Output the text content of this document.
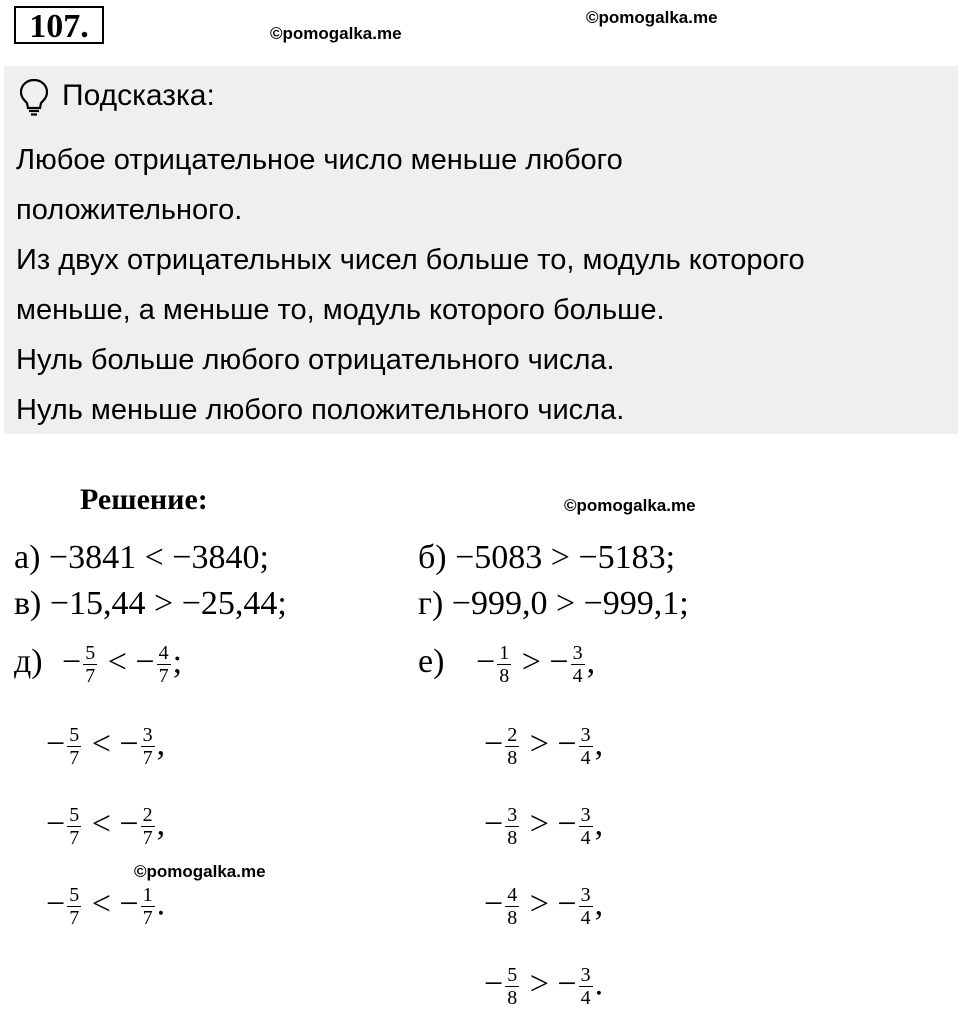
107.	©pomogalka.me
©pomogalka.me
Подсказка:
Любое отрицательное число меньше любого
положительного.
Из двух отрицательных чисел больше то, модуль которого
меньше, а меньше то, модуль которого больше.
Нуль больше любого отрицательного числа.
Нуль меньше любого положительного числа.
Решение:	©pomogalka.me
а) −3841 < −3840;	б) −5083 > −5183;
в) −15,44 > −25,44;	г) −999,0 > −999,1;
д)	е)
− $\frac{5}{7}$ < − $\frac{4}{7}$ ;
− $\frac{5}{7}$ < − $\frac{3}{7}$ ,
− $\frac{5}{7}$ < − $\frac{2}{7}$ ,
− $\frac{5}{7}$ < − $\frac{1}{7}$ .
− $\frac{1}{8}$ > − $\frac{3}{4}$ ,
− $\frac{2}{8}$ > − $\frac{3}{4}$ ,
− $\frac{3}{8}$ > − $\frac{3}{4}$ ,
− $\frac{4}{8}$ > − $\frac{3}{4}$ ,
− $\frac{5}{8}$ > − $\frac{3}{4}$ .
©pomogalka.me
